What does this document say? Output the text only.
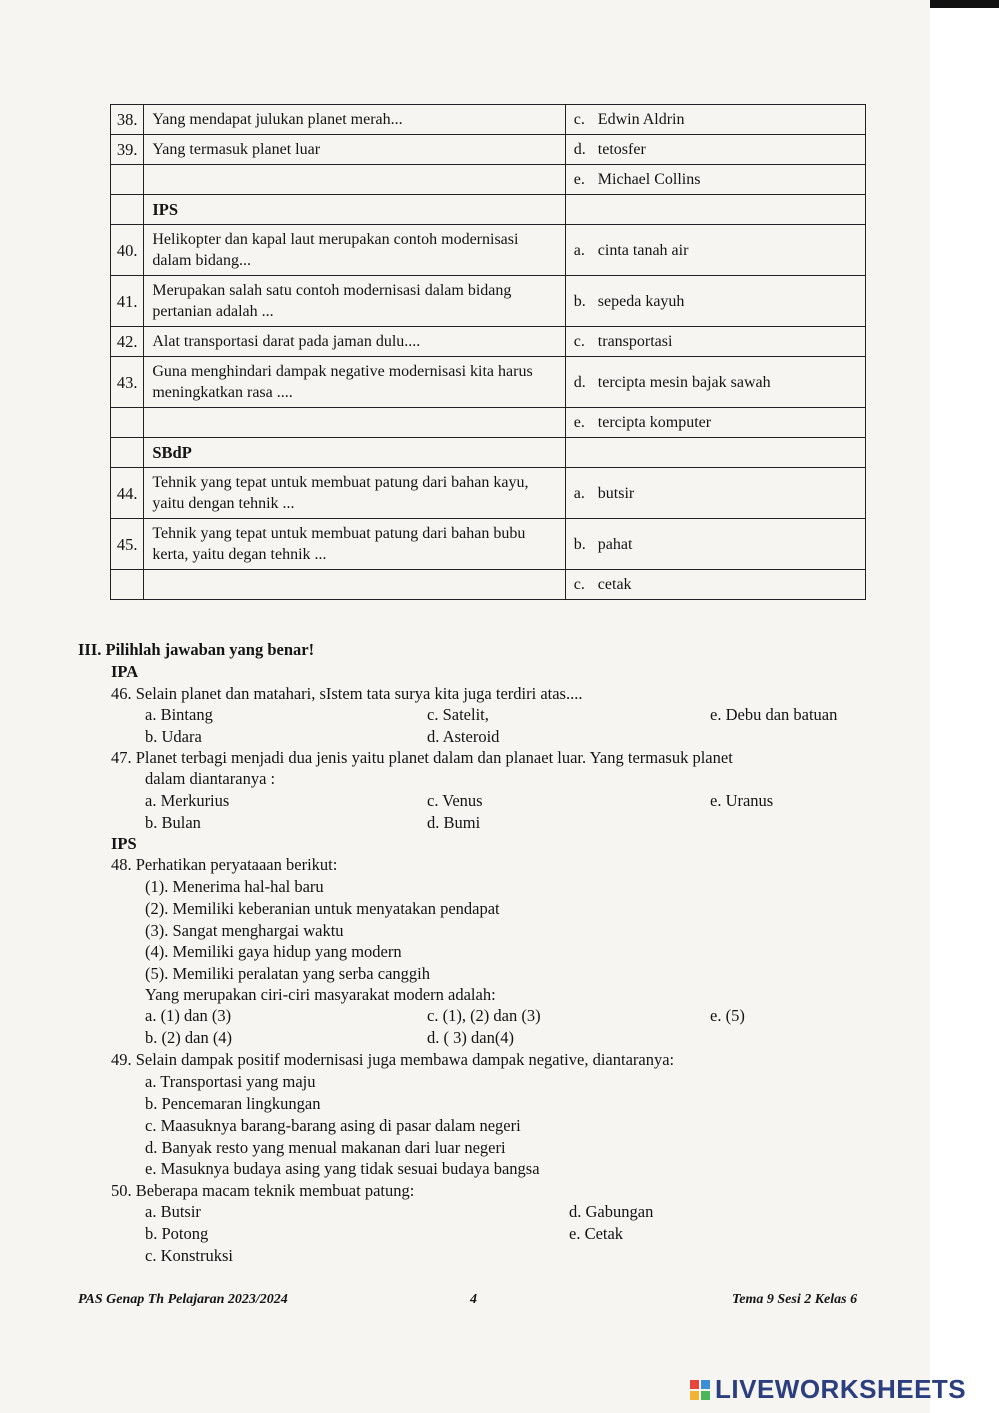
38.	Yang mendapat julukan planet merah...	c. Edwin Aldrin
39.	Yang termasuk planet luar	d. tetosfer
		e. Michael Collins
	IPS	
40.	Helikopter dan kapal laut merupakan contoh modernisasi dalam bidang...	a. cinta tanah air
41.	Merupakan salah satu contoh modernisasi dalam bidang pertanian adalah ...	b. sepeda kayuh
42.	Alat transportasi darat pada jaman dulu....	c. transportasi
43.	Guna menghindari dampak negative modernisasi kita harus meningkatkan rasa ....	d. tercipta mesin bajak sawah
		e. tercipta komputer
	SBdP	
44.	Tehnik yang tepat untuk membuat patung dari bahan kayu, yaitu dengan tehnik ...	a. butsir
45.	Tehnik yang tepat untuk membuat patung dari bahan bubu kerta, yaitu degan tehnik ...	b. pahat
		c. cetak
III. Pilihlah jawaban yang benar!
IPA
46. Selain planet dan matahari, sIstem tata surya kita juga terdiri atas....
a. Bintang	c. Satelit,	e. Debu dan batuan
b. Udara	d. Asteroid
47. Planet terbagi menjadi dua jenis yaitu planet dalam dan planaet luar. Yang termasuk planet
dalam diantaranya :
a. Merkurius	c. Venus	e. Uranus
b. Bulan	d. Bumi
IPS
48. Perhatikan peryataaan berikut:
(1). Menerima hal-hal baru
(2). Memiliki keberanian untuk menyatakan pendapat
(3). Sangat menghargai waktu
(4). Memiliki gaya hidup yang modern
(5). Memiliki peralatan yang serba canggih
Yang merupakan ciri-ciri masyarakat modern adalah:
a. (1) dan (3)	c. (1), (2) dan (3)	e. (5)
b. (2) dan (4)	d. ( 3) dan(4)
49. Selain dampak positif modernisasi juga membawa dampak negative, diantaranya:
a. Transportasi yang maju
b. Pencemaran lingkungan
c. Maasuknya barang-barang asing di pasar dalam negeri
d. Banyak resto yang menual makanan dari luar negeri
e. Masuknya budaya asing yang tidak sesuai budaya bangsa
50. Beberapa macam teknik membuat patung:
a. Butsir	d. Gabungan
b. Potong	e. Cetak
c. Konstruksi
PAS Genap Th Pelajaran 2023/2024	4	Tema 9 Sesi 2 Kelas 6
LIVEWORKSHEETS
